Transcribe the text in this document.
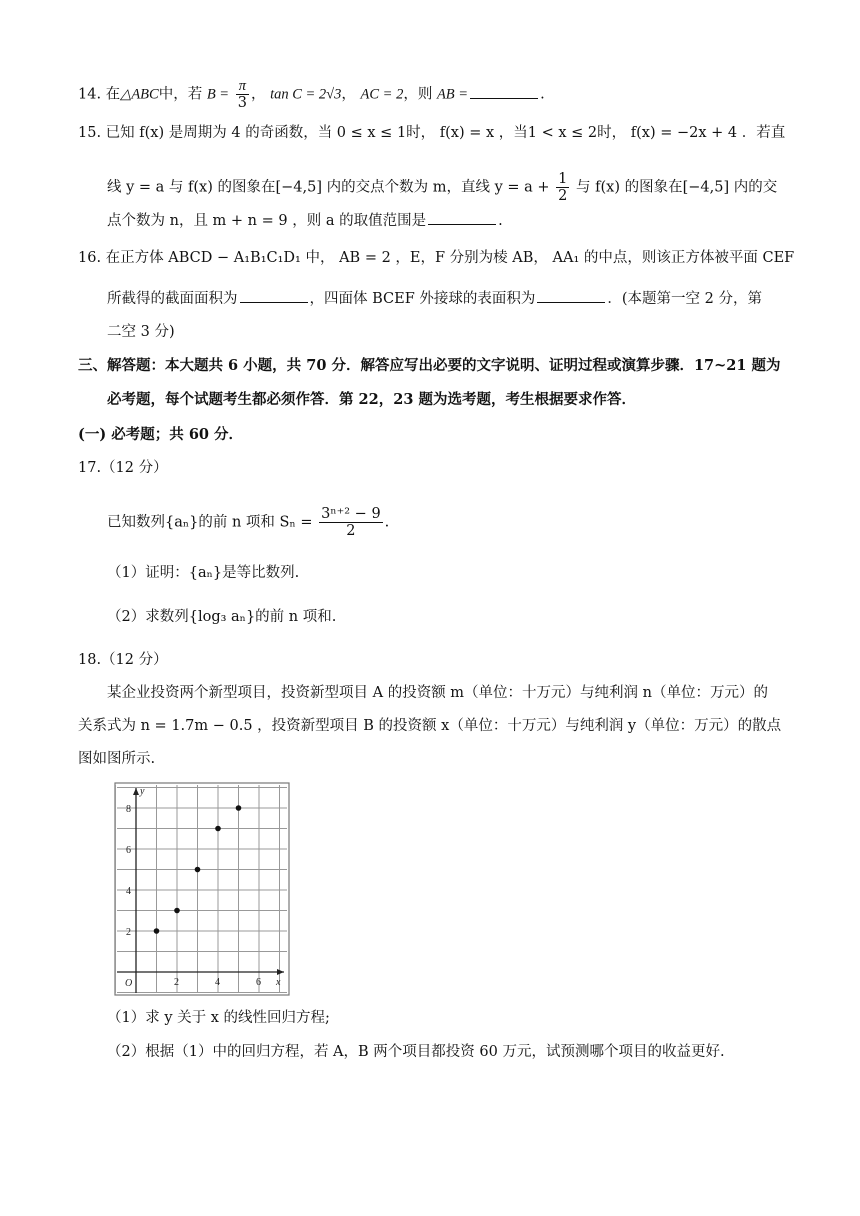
14. 在△ABC中，若 $B = \frac{\pi}{3}$ ， tan C = 2√3， AC = 2，则 AB =	.
15. 已知 f(x) 是周期为 4 的奇函数，当 0 ≤ x ≤ 1时， f(x) = x ，当1 < x ≤ 2时， f(x) = −2x + 4 ．若直
线 y = a 与 f(x) 的图象在[−4,5] 内的交点个数为 m，直线 $y = a + \frac{1}{2}$ 与 f(x) 的图象在[−4,5] 内的交
点个数为 n，且 m + n = 9 ，则 a 的取值范围是	.
16. 在正方体 ABCD − A₁B₁C₁D₁ 中， AB = 2 ，E，F 分别为棱 AB， AA₁ 的中点，则该正方体被平面 CEF
所截得的截面面积为	，四面体 BCEF 外接球的表面积为	．(本题第一空 2 分，第
二空 3 分)
三、解答题：本大题共 6 小题，共 70 分．解答应写出必要的文字说明、证明过程或演算步骤．17~21 题为
必考题，每个试题考生都必须作答．第 22，23 题为选考题，考生根据要求作答．
(一) 必考题；共 60 分．
17.（12 分）
已知数列{aₙ}的前 n 项和 $S_n = \frac{\text{3ⁿ⁺² − 9}}{2}$ .
（1）证明：{aₙ}是等比数列.
（2）求数列{log₃ aₙ}的前 n 项和.
18.（12 分）
某企业投资两个新型项目，投资新型项目 A 的投资额 m（单位：十万元）与纯利润 n（单位：万元）的
关系式为 n = 1.7m − 0.5 ，投资新型项目 B 的投资额 x（单位：十万元）与纯利润 y（单位：万元）的散点
图如图所示.
x
y
O	2	4	6
2
4
6
8
（1）求 y 关于 x 的线性回归方程;
（2）根据（1）中的回归方程，若 A，B 两个项目都投资 60 万元，试预测哪个项目的收益更好.
